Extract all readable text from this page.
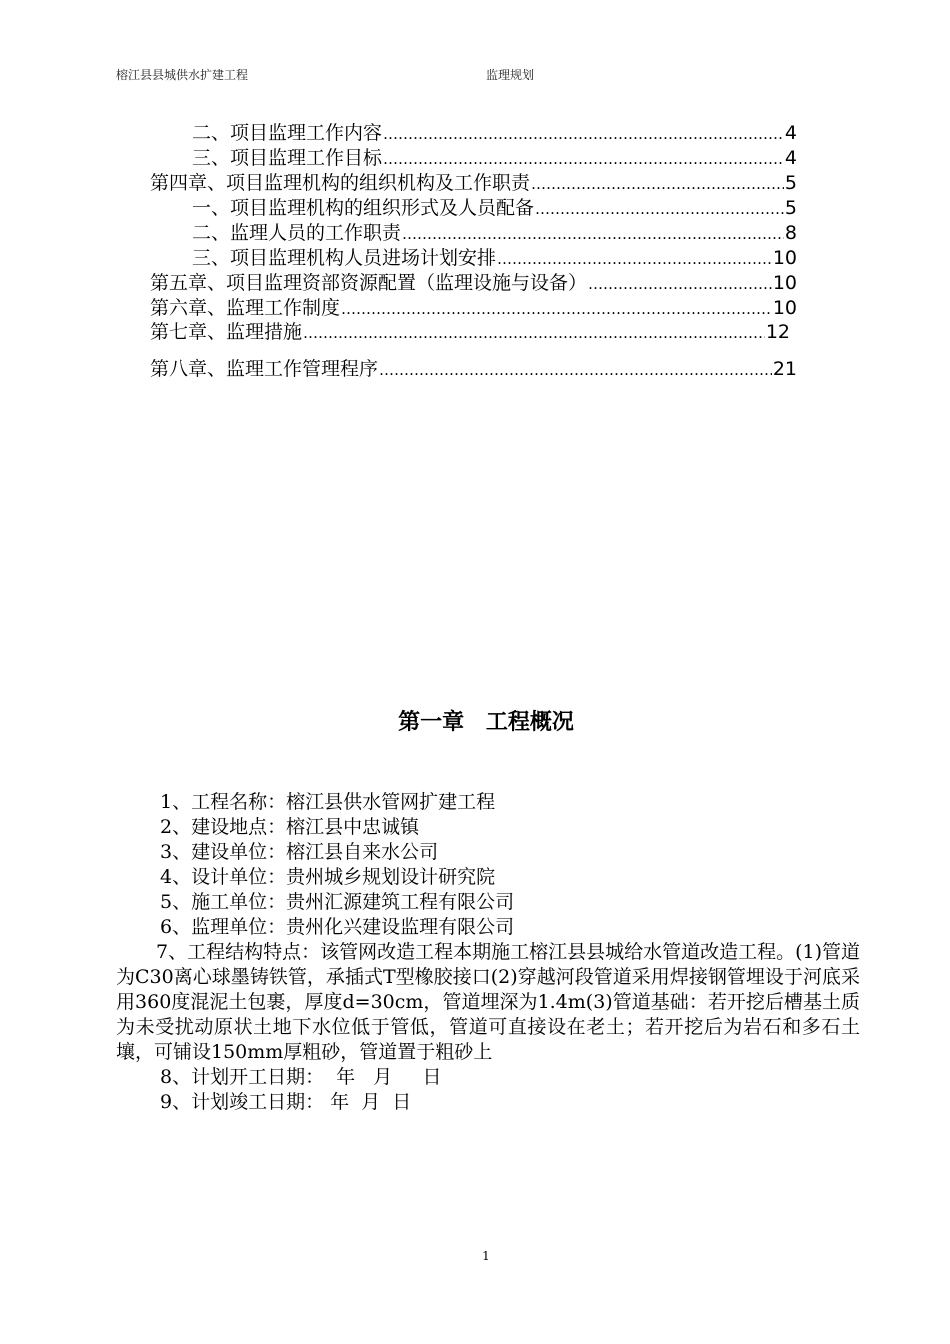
榕江县县城供水扩建工程	监理规划
二、项目监理工作内容 ……………………………………………………………………………………………………………………………………	4
三、项目监理工作目标 ……………………………………………………………………………………………………………………………………	4
第四章、项目监理机构的组织机构及工作职责 ……………………………………………………………………………………………………………………………………	5
一、项目监理机构的组织形式及人员配备 ……………………………………………………………………………………………………………………………………	5
二、监理人员的工作职责 ……………………………………………………………………………………………………………………………………	8
三、项目监理机构人员进场计划安排 ……………………………………………………………………………………………………………………………………	10
第五章、项目监理资部资源配置（监理设施与设备） ……………………………………………………………………………………………………………………………………	10
第六章、监理工作制度 ……………………………………………………………………………………………………………………………………	10
第七章、监理措施 ……………………………………………………………………………………………………………………………………	12
第八章、监理工作管理程序 ……………………………………………………………………………………………………………………………………	21
第一章 工程概况
1、工程名称：榕江县供水管网扩建工程
2、建设地点：榕江县中忠诚镇
3、建设单位：榕江县自来水公司
4、设计单位：贵州城乡规划设计研究院
5、施工单位：贵州汇源建筑工程有限公司
6、监理单位：贵州化兴建设监理有限公司

7、工程结构特点：该管网改造工程本期施工榕江县县城给水管道改造工程。(1)管道为C30离心球墨铸铁管，承插式T型橡胶接口(2)穿越河段管道采用焊接钢管埋设于河底采用360度混泥土包裹，厚度d=30cm，管道埋深为1.4m(3)管道基础：若开挖后槽基土质为未受扰动原状土地下水位低于管低，管道可直接设在老土；若开挖后为岩石和多石土壤，可铺设150mm厚粗砂，管道置于粗砂上

8、计划开工日期：  年   月     日
9、计划竣工日期： 年  月  日
1
